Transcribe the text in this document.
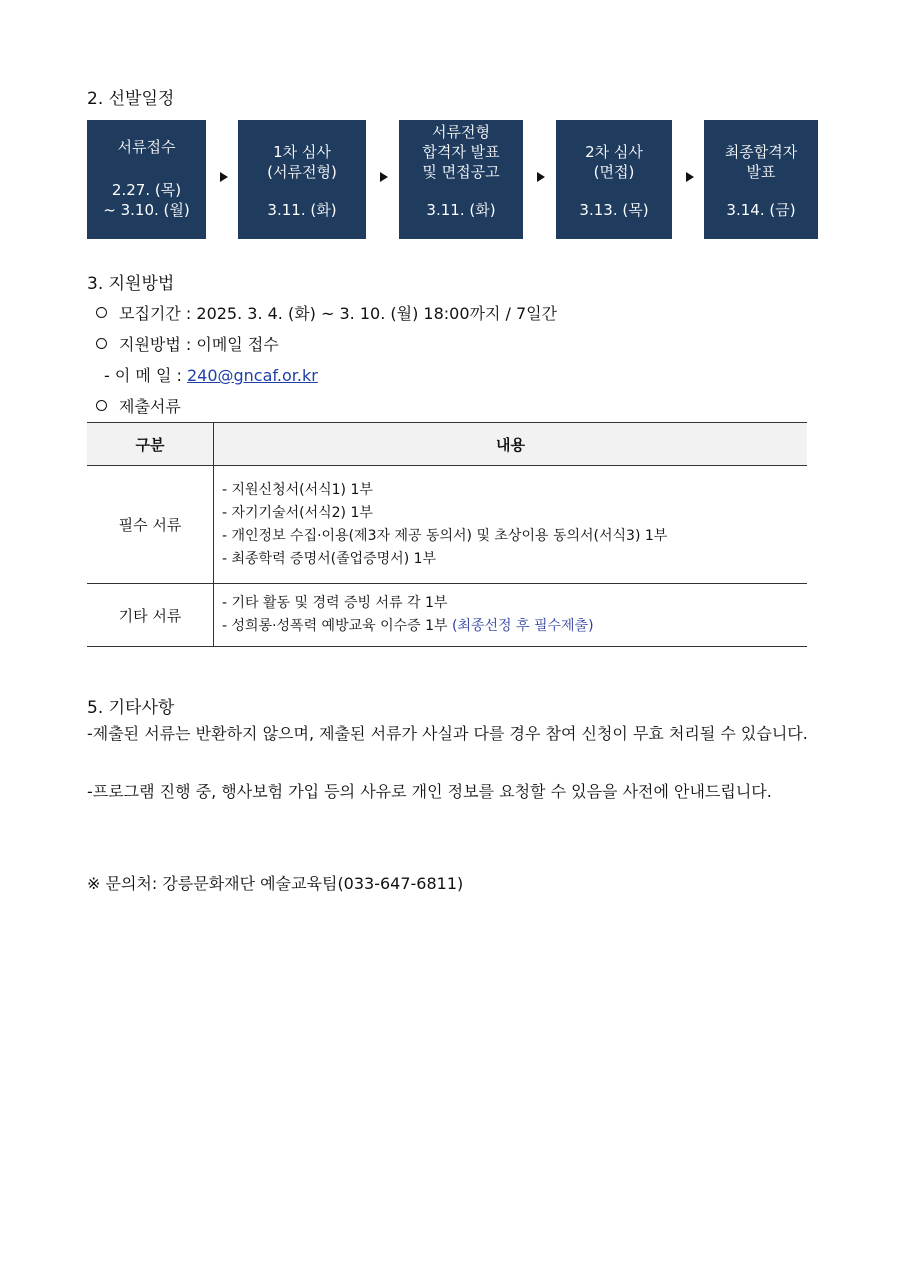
2. 선발일정
서류접수
2.27. (목)
~ 3.10. (월)
1차 심사
(서류전형)
3.11. (화)
서류전형
합격자 발표
및 면접공고
3.11. (화)
2차 심사
(면접)
3.13. (목)
최종합격자
발표
3.14. (금)
3. 지원방법
모집기간 : 2025. 3. 4. (화) ~ 3. 10. (월) 18:00까지 / 7일간
지원방법 : 이메일 접수
- 이 메 일 : 240@gncaf.or.kr
제출서류
구분	내용
필수 서류	- 지원신청서(서식1) 1부
- 자기기술서(서식2) 1부
- 개인정보 수집·이용(제3자 제공 동의서) 및 초상이용 동의서(서식3) 1부
- 최종학력 증명서(졸업증명서) 1부

기타 서류	- 기타 활동 및 경력 증빙 서류 각 1부
- 성희롱·성폭력 예방교육 이수증 1부 (최종선정 후 필수제출)
5. 기타사항
-제출된 서류는 반환하지 않으며, 제출된 서류가 사실과 다를 경우 참여 신청이 무효 처리될 수 있습니다.
-프로그램 진행 중, 행사보험 가입 등의 사유로 개인 정보를 요청할 수 있음을 사전에 안내드립니다.
※ 문의처: 강릉문화재단 예술교육팀(033-647-6811)
